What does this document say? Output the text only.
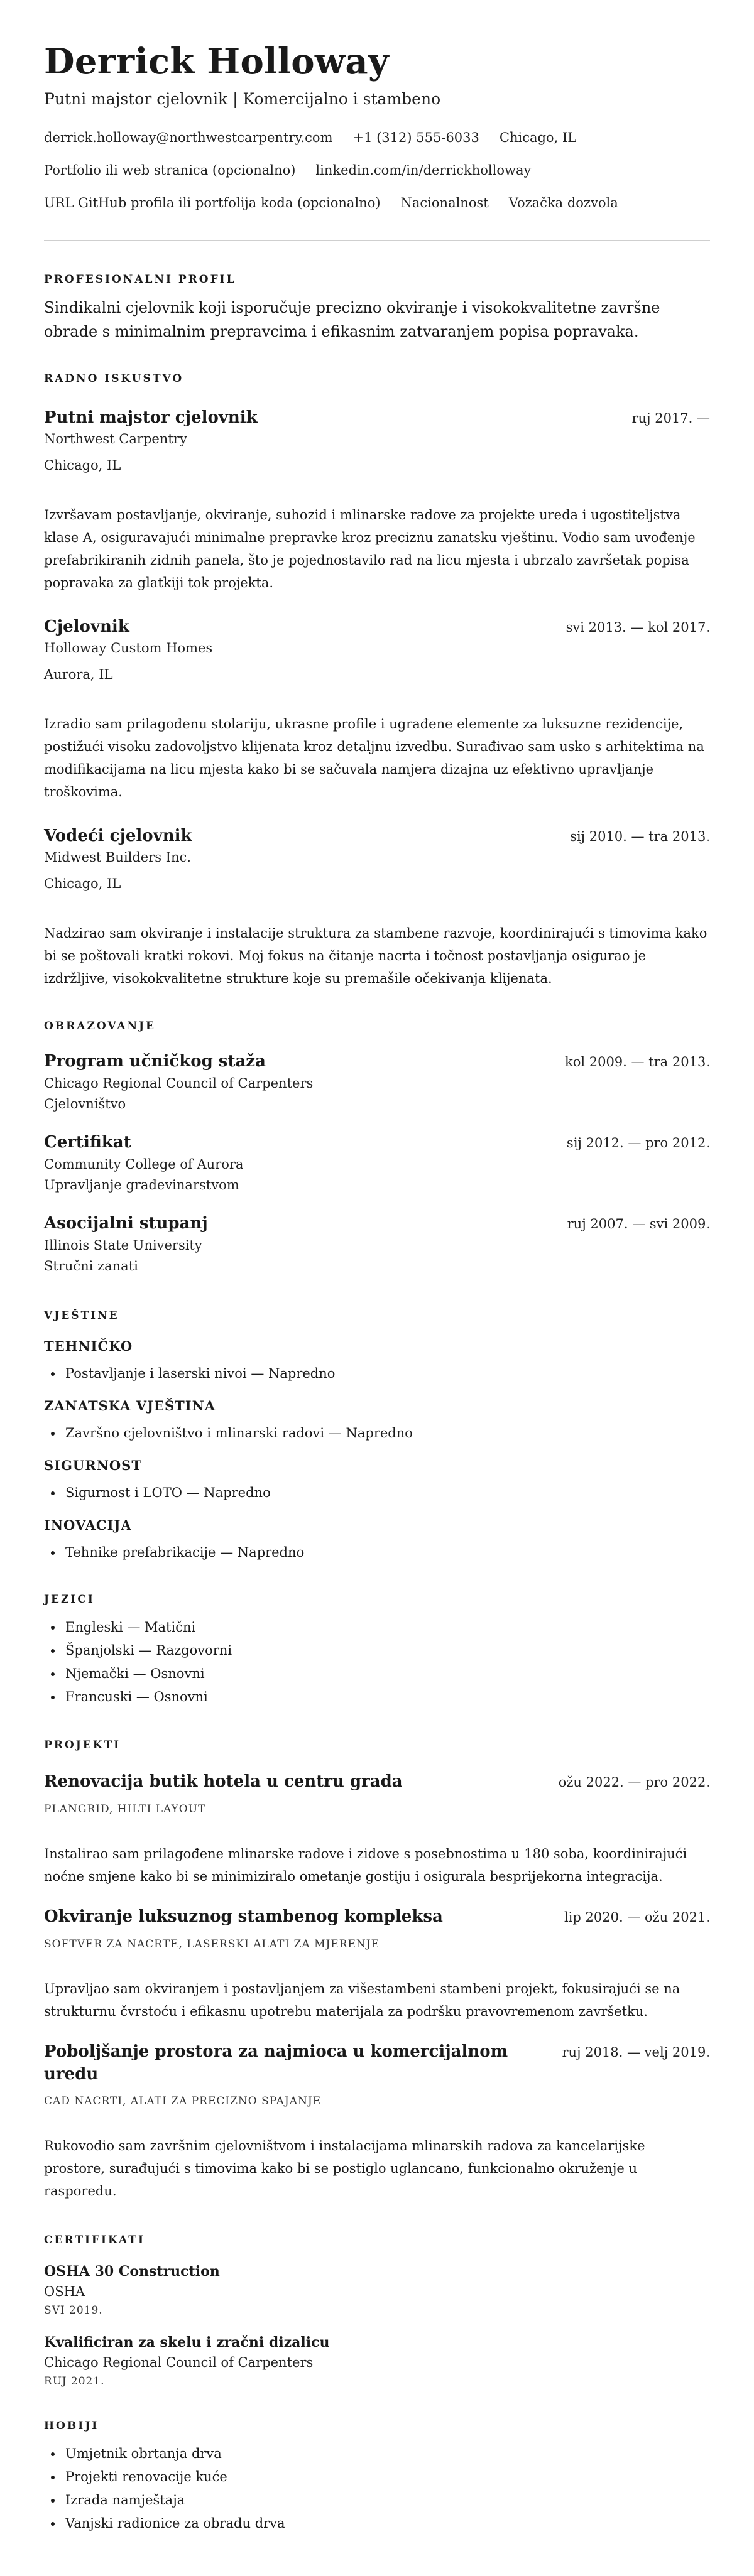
Derrick Holloway
Putni majstor cjelovnik | Komercijalno i stambeno
derrick.holloway@northwestcarpentry.com +1 (312) 555-6033 Chicago, IL
Portfolio ili web stranica (opcionalno) linkedin.com/in/derrickholloway
URL GitHub profila ili portfolija koda (opcionalno) Nacionalnost Vozačka dozvola
PROFESIONALNI PROFIL

Sindikalni cjelovnik koji isporučuje precizno okviranje i visokokvalitetne završne obrade s minimalnim prepravcima i efikasnim zatvaranjem popisa popravaka.

RADNO ISKUSTVO
Putni majstor cjelovnik	ruj 2017. —
Northwest Carpentry
Chicago, IL
Izvršavam postavljanje, okviranje, suhozid i mlinarske radove za projekte ureda i ugostiteljstva klase A, osiguravajući minimalne prepravke kroz preciznu zanatsku vještinu. Vodio sam uvođenje prefabrikiranih zidnih panela, što je pojednostavilo rad na licu mjesta i ubrzalo završetak popisa popravaka za glatkiji tok projekta.
Cjelovnik	svi 2013. — kol 2017.
Holloway Custom Homes
Aurora, IL
Izradio sam prilagođenu stolariju, ukrasne profile i ugrađene elemente za luksuzne rezidencije, postižući visoku zadovoljstvo klijenata kroz detaljnu izvedbu. Surađivao sam usko s arhitektima na modifikacijama na licu mjesta kako bi se sačuvala namjera dizajna uz efektivno upravljanje troškovima.
Vodeći cjelovnik	sij 2010. — tra 2013.
Midwest Builders Inc.
Chicago, IL
Nadzirao sam okviranje i instalacije struktura za stambene razvoje, koordinirajući s timovima kako bi se poštovali kratki rokovi. Moj fokus na čitanje nacrta i točnost postavljanja osigurao je izdržljive, visokokvalitetne strukture koje su premašile očekivanja klijenata.
OBRAZOVANJE
Program učničkog staža	kol 2009. — tra 2013.
Chicago Regional Council of Carpenters
Cjelovništvo
Certifikat	sij 2012. — pro 2012.
Community College of Aurora
Upravljanje građevinarstvom
Asocijalni stupanj	ruj 2007. — svi 2009.
Illinois State University
Stručni zanati
VJEŠTINE
TEHNIČKO
• Postavljanje i laserski nivoi — Napredno
ZANATSKA VJEŠTINA
• Završno cjelovništvo i mlinarski radovi — Napredno
SIGURNOST
• Sigurnost i LOTO — Napredno
INOVACIJA
• Tehnike prefabrikacije — Napredno
JEZICI
• Engleski — Matični
• Španjolski — Razgovorni
• Njemački — Osnovni
• Francuski — Osnovni
PROJEKTI
Renovacija butik hotela u centru grada	ožu 2022. — pro 2022.
PLANGRID, HILTI LAYOUT
Instalirao sam prilagođene mlinarske radove i zidove s posebnostima u 180 soba, koordinirajući noćne smjene kako bi se minimiziralo ometanje gostiju i osigurala besprijekorna integracija.
Okviranje luksuznog stambenog kompleksa	lip 2020. — ožu 2021.
SOFTVER ZA NACRTE, LASERSKI ALATI ZA MJERENJE
Upravljao sam okviranjem i postavljanjem za višestambeni stambeni projekt, fokusirajući se na strukturnu čvrstoću i efikasnu upotrebu materijala za podršku pravovremenom završetku.
Poboljšanje prostora za najmioca u komercijalnom uredu
ruj 2018. — velj 2019.
CAD NACRTI, ALATI ZA PRECIZNO SPAJANJE
Rukovodio sam završnim cjelovništvom i instalacijama mlinarskih radova za kancelarijske prostore, surađujući s timovima kako bi se postiglo uglancano, funkcionalno okruženje u rasporedu.
CERTIFIKATI
OSHA 30 Construction
OSHA
SVI 2019.
Kvalificiran za skelu i zračni dizalicu
Chicago Regional Council of Carpenters
RUJ 2021.
HOBIJI
• Umjetnik obrtanja drva
• Projekti renovacije kuće
• Izrada namještaja
• Vanjski radionice za obradu drva
